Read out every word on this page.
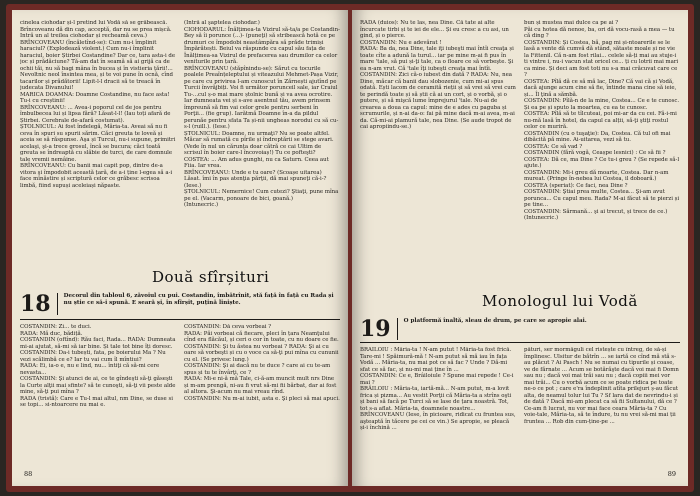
cinelea ciohodar și-l pretind lui Vodă să se grăbească. Brîncoveanu dă din cap, acceptă, dar nu se prea mișcă. Intră un al treilea ciohodar și recheamă ceva.)
BRÎNCOVEANU (încăletînd-se): Cum nu-i împlinit haraciul? (Explodează violent.) Cum nu-i împlinit haraciul, boier Știrbei Costandine? Dar ce, tara asta-i de joc și prădăciune? Tă-am dat în seamă să ai grijă ca de ochii tăi, nu să bagi mâna în bucea și în vistieria țării!... Nevoltnic neol însintea mea, și te voi pune în ocnă, cînd tacarilor și prădătorii! Lipit-l-l dracii să te treacă în judecata Divanului!
MARICA DOAMNA: Doamne Costandine, nu face asta! Tu-i cu creștinii!
BRÎNCOVEANU: ... Avea-i poporul cel de jos pentru îmbulbecea lui și lipsa fără? Lăsat-l-l! (Iau toți afară de Știrbei. Cerebrale de-afară costumat).
ȘTOLNICUL: Ai fost îndelegă, Măria-ta. Aveai să nu fi ceva în spuri su spurii sărim. Căci greuta te loveă și aceia se să răspunse. Aşa și Turcul, nu-i supune, primitri acelaşi, şi-a trece grosul, încă se bucura; căci toată greuta se îndreaptă cu slăbie de turci, de care domnule tale vremii nemâine.
BRÎNCOVEANU: Cu banii mai capit pop, dintre de-a vitora şi împodobit această țară, de a-i ține l-egea să a-i face mînăstire și scriptură celor ce grăbesc scrisoa limbă, fiind supuși aceleiași năpaste.
(Intră al şaptelea ciohodar.)
CIOHODARUL: Înălțimea-ta Vizirul să-ta/a pe Costandin-Bey să îi porunce (...)- (puneţi) să stribească hotă ce pe drumuri ce împodobi neastâmpăra să prăde trimiși Împărătești. Beiul va răspunde cu capul său fața de Înălțimea-sa Vizirul de prefacerea sau drumilor ca celor veniturile prin țară.
BRÎNCOVEANU (stăpînindu-se): Sărut cu tocurile poalele Preaînțeleptului și viteazului Mehmet-Pașa Vizir, pe care cu privirea l-am cunoscut în Zărnești ajutînd pe Turcii învrăjbiți. Voi fi următor porunceil sale, iar Craiul Tu-...cul ș-o mai mare ștolnic bună și va avea ocrotire. Iar dumneata vei și s-ave asentnul tău, avem prinsem împreună să fim vai celor grele pentru serbeni în Porţii... (fie grup). Iarătmă Doamne în-a da pildul perunăe pentru sfata Ta și-nii ungheas norodui cu să cu-s-l (ruill.). (Iese.)
ȘTOLNICUL: Doamne, nu urmaţi? Nu se poate altfel. Măcar să rumată cu pîrile și îndreptării se stege avari. (Vede în nul un cărunța doar cătră ce cai Ultim de scrisul în boier care-l încovoiaș!) Tu ce pofteşti?
COSTEA: ... Am adus gunghi, nu ca Saturn. Ceea aut Fiia. Iar vrea.
BRÎNCOVEANU: Unde e tu oare? (Scoașe uitarea) Lăsat. îmi în pas atenţia părţii, dă mai spuneţi că-i-? (Iese.)
ȘTOLNICUL: Nemernice! Cum cutezi? Ştiaţi, pune mîna pe el. (Vacarm, ponoare de bici, goană.)
(Intunecric.)
Două sfîrșituri
18	Decorul din tabloul 6, zăvoiul cu pui. Costandin, îmbătrînit, stă față în față cu Rada și nu știe ce să-i spună. E seară și, în sfîrșit, puțină liniște.
COSTANDIN: Zi... te duci.
RADA: Mă duc, bădiță.
COSTANDIN (oftînd): Rău faci, Rada... RADA: Dumneata mi-ai ajutat, să-mi să iar bine. Și tale tot bine îți doresc.
COSTANDIN: Da-i tubești, fata, pe boierului Ma ? Nu vezi scălimbă ce e? Iar tu vai cum îl mîntiui?
RADA: Ei, ia-o e, nu e lind, nu... întiţi că să-mi cere nevasta...
COSTANDIN: Şi atunci de ai, ce te gîndeşti să-ţi găseşti la Curte alţii mai sfinte? să te cunoşti, să-ţi vii peste alde mine, să-ţi pui mîna ?
RADA (tristă): Care e Tu-l mai altul, nm Dine, se duse si se topi... si-ntoarcere nu mai e.
COSTANDIN: Dă ceva vorbeai ?
RADA: Păi vorbeai că fiecare, pleci în țara Neamţului cînd era flăcăul, și ceri o cor în toate, cu nu doare ce fie.
COSTANDIN: Şi tu ăstea nu vorbeai ? RADA: Şi ai cu oare să vorbeşti și cu o voce ca să-ţi pui mîna cu cununii cu el. (Se privesc lung.)
COSTANDIN: Şi ai dacă nu te duce ? care ai cu te-am spus și tu te învârţi, ce ?
RADA: Mi-e ni-ă mă Tale, ci-ă-am muncit mult nrs Dine și m-am prengă, ni-au fi vrut să-mi fii bărbat, dar ai fost al altora. Şi-acum nu mai vreau rînd.
COSTANDIN: Nu m-ai iubit, asta e. Şi pleci să mai apuci.
88
RADA (duios): Nu te las, nea Dine. Că tate ai alte încurcate tirbi și te iei de ele... Și eu cresc a cu asi, un gind, și o pierce.
COSTANDIN: Nu e adevărat !
RADA: Ba da, nea Dine, tale iţi iubeşti mai întîi creaţa și toate cîte a adună la turul... iar pe mine m-ai fi pus în mare 'tale, să pui și-ţi tale, ca o floare ce să vorbeşte. Şi ea n-am vrut. Că 'tale îţi iubeşti creaţa mai întîi.
COSTANDIN: Zici că-o iubest din dată ? RADA: Nu, nea Dine, măcar că banii dau slobozenie, cum mi-ai spus odată. Ești lacom de ceramită rieții și să vrei să vrei cum te perindă toate și să știi că ai un cort, și o vorbă, și o putere, și să mişcă lume împrejurul 'tale. Nu-ai de crearea a doua ca capul: mine de e ades cu paguba și scrumurile, și n-ai da-o: fai pă mine dacă m-ai avea, m-ai da. Că-mi-ai plamură tale, nea Dine. (Se aude tropot de cai apropiindu-se.)
bun și mustea mai dulce ca pe ai ?
Păi cu hotea dă nenoe, ba, ori dă vocu-rasă a mea — tu că ding ?
COSTANDIN: Și Costea, bă, pag mi și-ntoarerile se le lasă a vente dă cumvă dă stând, sătaste moale și ne vie la Fittenil. Că n-am fost rilai... celele să-ți mai au stuje-i ti vintre i, nu-i vacun stat oricel ce... ți cu lotrii mai mari ca mine. Și deci am fost toti nu s-a mai crăcuvat care ce ?
COSTEA: Pîlă dă ce să mă lac, Dine? Că vai că și Vodă, dacă ajunge acum cine să fie, întinde mana cine să ieie, și... Îl ţină a sămbă.
COSTANDIN: Pîlă-n de la mine, Costea... Ce e te cunosc. Și ea pe și sputo la moartea, cu ea te cunosc.
COSTEA: Pîlă să te tîlcuteai, poi mi-ar da cu cei. Fă-i-mi nu-mă lasă în hotel, da capul ca alții, să-ţi ştiţi rostul celor ce muriră.
COSTANDIN (cu o tuşaţie): Da, Costea. Că tul ofi mai dibăcită pă mine. Ai-uitarea, vezi să tu.
COSTEA: Ce să vad ?
COSTANDIN (fără vogă, Ceașpe lesnici) : Ce să fii ?
COSTEA: Dă ce, ma Dine ? Ce tu-i greu ? (Se repede să-l ajute.)
COSTANDIN: Mi-i greu dă moarte, Costea. Dar n-am mureat. (Pringe în-nebea lui Costea, il doboară.)
COSTEA (speriat): Ce faci, nea Dine ?
COSTANDIN: Ştiai prea multe, Costea... Şi-am avut porunca... Cu capul meu. Rada? M-ai făcut să te pierzi și pe tine...
COSTANDIN: Sărmană... şi ai trecut, și trece de ce.)
(Intunecric.)
Monologul lui Vodă
19	O platformă înaltă, sleau de drum, pe care se apropie alai.
BRÂILOIU : Măria-ta ! N-am putut ! Măria-ta fost frică. Tare-mi ! Spăimură-mă ! N-am putut să mă iau în fața Vodă ... Măria-ta, nu mai pot ce să fac ? Unde ? Dă-mi sfat ce să fac, și nu-mi mai ține în ...
COSTANDIN: Ce e, Brâiloiule ? Spune mai repede ! Ce-i mai ?
BRÂILOIU : Măria-ta, iartă-mă... N-am putut, m-a lovit frica și pizma... Au vestit Porţii că Măria-ta a strîns oşti și bani să facă pe Turci să se lase de țara noastră. Tot, tot s-a aflat. Măria-ta, doamnele noastre...
BRÎNCOVEANU (Iese, în picioare, ridicat cu fruntea sus, aşteaptă în tăcere pe cei ce vin.) Se apropie, se pleacă și-i închină ...
pături, ser mormăguli cel ristește cu întreg, de să-și împlinesc. Ulsitur de bătrîn ... se iartă ce cînd mă stă s-au plăcut ? Ai Pasch ! Nu se numai cu tipurile și coase, ve de fărnate ... Acum se botărăşte dacă voi mai fi Domn sau nu ; dacă voi mai trăi sau nu ; dacă copiii mei vor mai trăi... Cu o vorbă acum ce se poate ridica pe toate ne-o ce pot ; care e'ra îndeplinit atîta prilejuri ș-au făcut alta, de neamul tolur lui Tu ? Sf lara dat de nevrindu-i și de dată ? Dacă mi-am plecat ca să fii Sultanului, dă ce ? Ce-am fi lucrat, nu vor mai face ceara Măria-ta ? Cu voie-tale, Măria-ta, să te îndure, tu nu vrei să-mi mai ții fruntea ... Rob din cum-ține-pe ...
89
